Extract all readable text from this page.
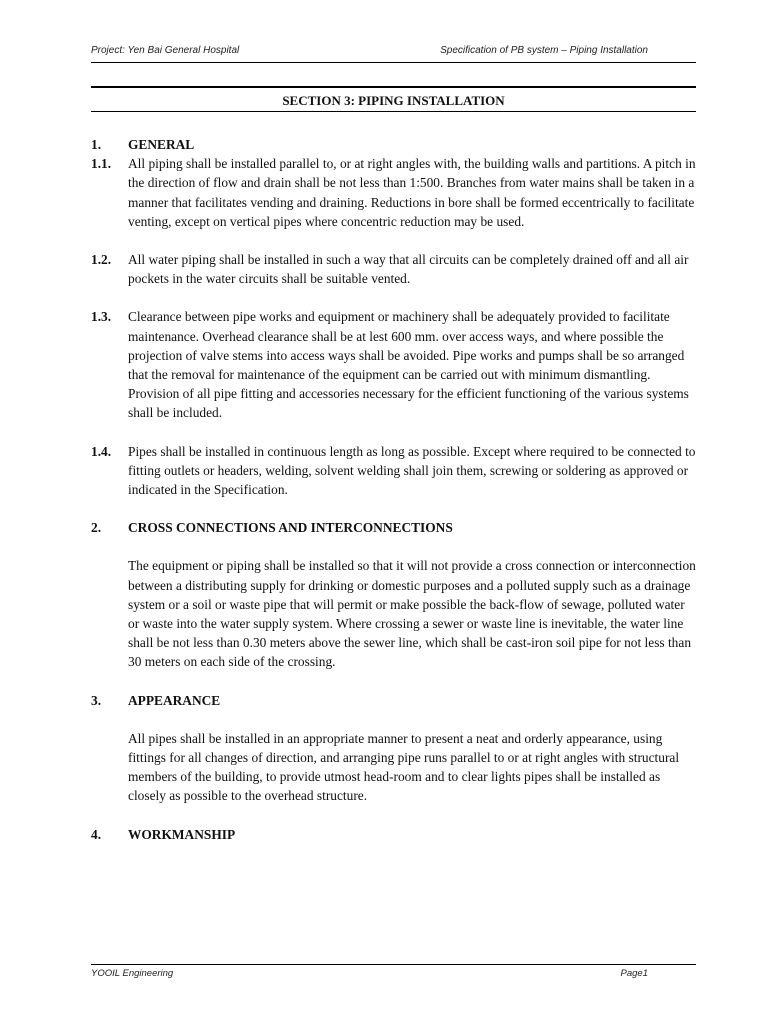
Project: Yen Bai General Hospital	Specification of PB system – Piping Installation
SECTION 3: PIPING INSTALLATION
1.	GENERAL
1.1.	All piping shall be installed parallel to, or at right angles with, the building walls and partitions. A pitch in the direction of flow and drain shall be not less than 1:500. Branches from water mains shall be taken in a manner that facilitates vending and draining. Reductions in bore shall be formed eccentrically to facilitate venting, except on vertical pipes where concentric reduction may be used.
1.2.	All water piping shall be installed in such a way that all circuits can be completely drained off and all air pockets in the water circuits shall be suitable vented.
1.3.	Clearance between pipe works and equipment or machinery shall be adequately provided to facilitate maintenance. Overhead clearance shall be at lest 600 mm. over access ways, and where possible the projection of valve stems into access ways shall be avoided. Pipe works and pumps shall be so arranged that the removal for maintenance of the equipment can be carried out with minimum dismantling. Provision of all pipe fitting and accessories necessary for the efficient functioning of the various systems shall be included.
1.4.	Pipes shall be installed in continuous length as long as possible. Except where required to be connected to fitting outlets or headers, welding, solvent welding shall join them, screwing or soldering as approved or indicated in the Specification.
2.	CROSS CONNECTIONS AND INTERCONNECTIONS
The equipment or piping shall be installed so that it will not provide a cross connection or interconnection between a distributing supply for drinking or domestic purposes and a polluted supply such as a drainage system or a soil or waste pipe that will permit or make possible the back-flow of sewage, polluted water or waste into the water supply system. Where crossing a sewer or waste line is inevitable, the water line shall be not less than 0.30 meters above the sewer line, which shall be cast-iron soil pipe for not less than 30 meters on each side of the crossing.
3.	APPEARANCE
All pipes shall be installed in an appropriate manner to present a neat and orderly appearance, using fittings for all changes of direction, and arranging pipe runs parallel to or at right angles with structural members of the building, to provide utmost head-room and to clear lights pipes shall be installed as closely as possible to the overhead structure.
4.	WORKMANSHIP
YOOIL Engineering	Page1
